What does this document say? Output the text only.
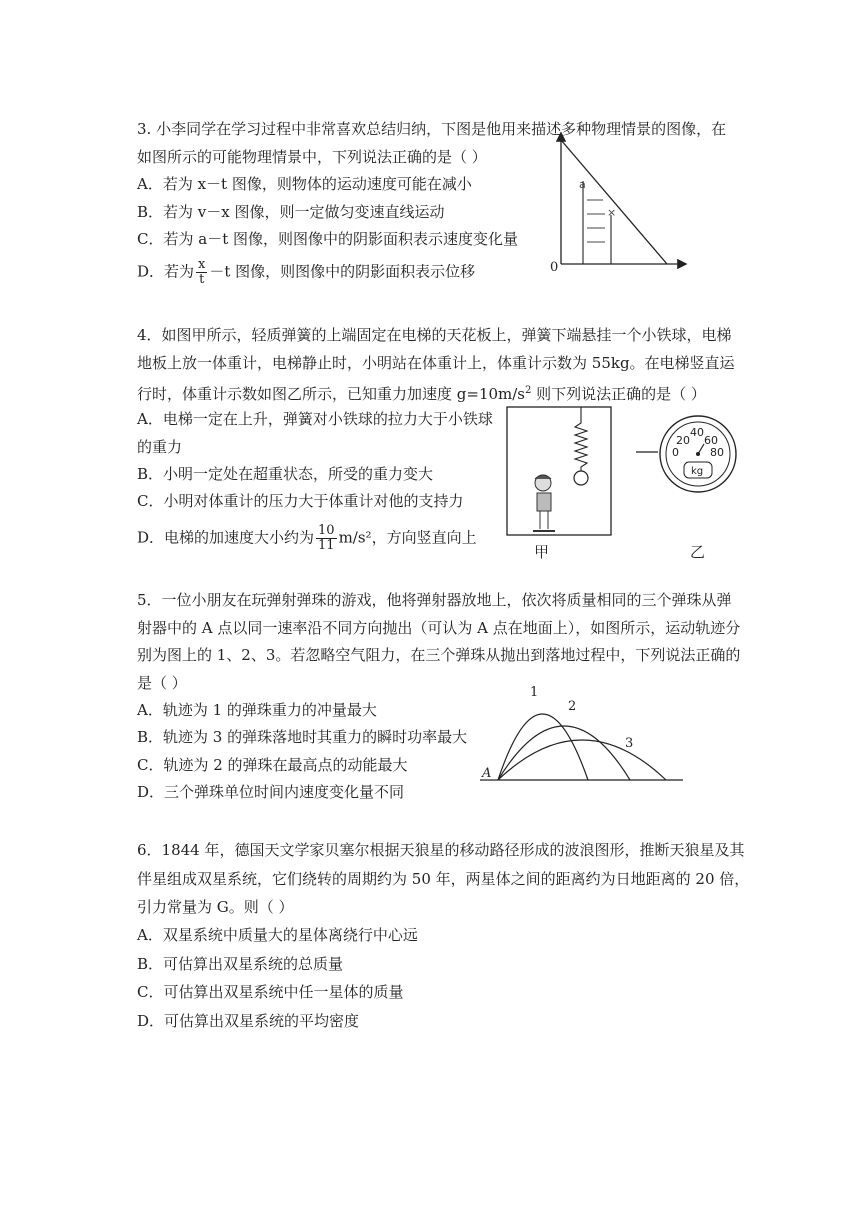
3. 小李同学在学习过程中非常喜欢总结归纳，下图是他用来描述多种物理情景的图像，在
如图所示的可能物理情景中，下列说法正确的是（ ）
A．若为 x－t 图像，则物体的运动速度可能在减小
B．若为 v－x 图像，则一定做匀变速直线运动
C．若为 a－t 图像，则图像中的阴影面积表示速度变化量
D．若为 $\frac{x}{t} -t$ 图像，则图像中的阴影面积表示位移
a
×
0
4．如图甲所示，轻质弹簧的上端固定在电梯的天花板上，弹簧下端悬挂一个小铁球，电梯
地板上放一体重计，电梯静止时，小明站在体重计上，体重计示数为 55kg。在电梯竖直运
行时，体重计示数如图乙所示，已知重力加速度 $g=10m/s^2$ 则下列说法正确的是（ ）
A．电梯一定在上升，弹簧对小铁球的拉力大于小铁球
的重力
B．小明一定处在超重状态，所受的重力变大
C．小明对体重计的压力大于体重计对他的支持力
D．电梯的加速度大小约为 $\frac{10}{11} m/s^2$，方向竖直向上
甲
0
20
40
60
80
kg
乙
5．一位小朋友在玩弹射弹珠的游戏，他将弹射器放地上，依次将质量相同的三个弹珠从弹
射器中的 A 点以同一速率沿不同方向抛出（可认为 A 点在地面上），如图所示，运动轨迹分
别为图上的 1、2、3。若忽略空气阻力，在三个弹珠从抛出到落地过程中，下列说法正确的
是（ ）
A．轨迹为 1 的弹珠重力的冲量最大
B．轨迹为 3 的弹珠落地时其重力的瞬时功率最大
C．轨迹为 2 的弹珠在最高点的动能最大
D．三个弹珠单位时间内速度变化量不同
1
2
3
A
6．1844 年，德国天文学家贝塞尔根据天狼星的移动路径形成的波浪图形，推断天狼星及其
伴星组成双星系统，它们绕转的周期约为 50 年，两星体之间的距离约为日地距离的 20 倍，
引力常量为 G。则（ ）
A．双星系统中质量大的星体离绕行中心远
B．可估算出双星系统的总质量
C．可估算出双星系统中任一星体的质量
D．可估算出双星系统的平均密度
